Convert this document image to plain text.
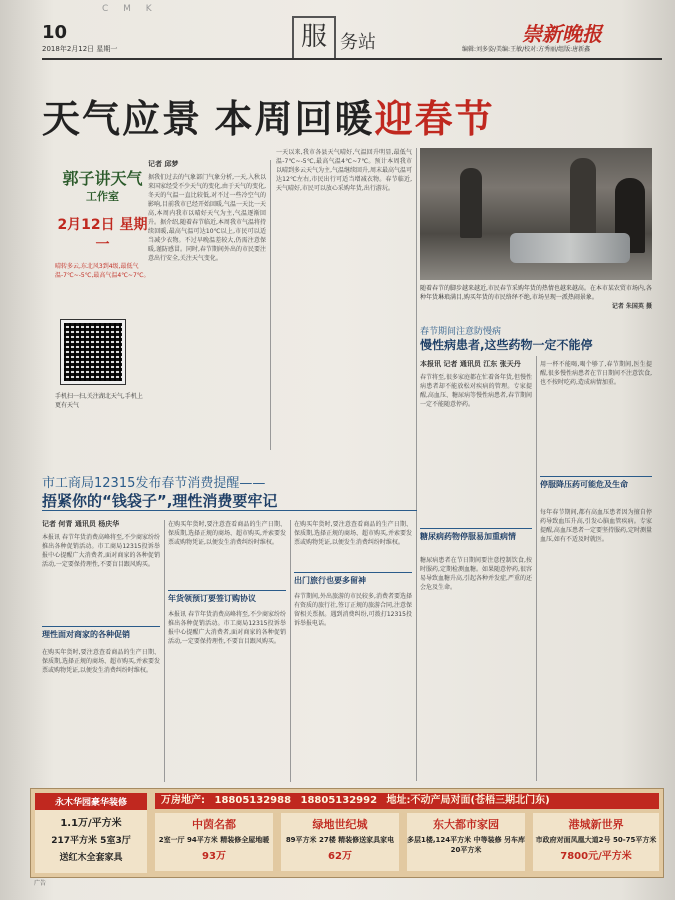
10
C M K
2018年2月12日 星期一	服 务站	崇新晚报
编辑:刘多姿/美编:王敏/校对:方秀丽/组版:唐新鑫
天气应景 本周回暖迎春节
郭子讲天气
工作室
2月12日 星期一
晴转多云,东北风3到4级,最低气温-7℃~-5℃,最高气温4℃~7℃。
手机扫一扫,关注湖北天气,手机上更有天气
记者 邱梦
据我们过去的气象部门气象分析,一天,入秋以来国家经受不少天气的变化,由于天气的变化,冬天的气温一直比较低,对不过一些冷空气的影响,目前我市已经开始回暖,气温一天比一天高,本周内我市以晴好天气为主,气温逐渐回升。据介绍,随着春节临近,本周我市气温将持续回暖,最高气温可达10℃以上,市民可以适当减少衣物。不过早晚温差较大,仍需注意保暖,谨防感冒。同时,春节期间外出的市民要注意出行安全,关注天气变化。
一天以来,我市各县天气晴好,气温回升明显,最低气温-7℃~-5℃,最高气温4℃~7℃。预计本周我市以晴到多云天气为主,气温继续回升,周末最高气温可达12℃左右,市民出行可适当增减衣物。春节临近,天气晴好,市民可以放心采购年货,出行游玩。
随着春节的脚步越来越近,市民春节采购年货的热情也越来越高。在本市某农贸市场内,各种年货琳琅满目,购买年货的市民络绎不绝,市场呈现一派热闹景象。
记者 朱国英 摄
春节期间注意防慢病
慢性病患者,这些药物一定不能停
本报讯 记者 通讯员 江东 张天丹
春节将至,很多家庭都在忙着备年货,但慢性病患者却不能放松对疾病的管理。专家提醒,高血压、糖尿病等慢性病患者,春节期间一定不能随意停药。
用一杯不能喝,喝个够了,春节期间,医生提醒,很多慢性病患者在节日期间不注意饮食,也不按时吃药,造成病情加重。
糖尿病药物停服易加重病情
糖尿病患者在节日期间要注意控制饮食,按时服药,定期检测血糖。如果随意停药,很容易导致血糖升高,引起各种并发症,严重的还会危及生命。
停服降压药可能危及生命
每年春节期间,都有高血压患者因为擅自停药导致血压升高,引发心脑血管疾病。专家提醒,高血压患者一定要坚持服药,定时测量血压,如有不适及时就医。
市工商局12315发布春节消费提醒——
捂紧你的“钱袋子”,理性消费要牢记
记者 何青 通讯员 杨庆华
本报讯 春节年货消费高峰将至,不少商家纷纷推出各种促销活动。市工商局12315投诉举报中心提醒广大消费者,面对商家的各种促销活动,一定要保持理性,不要盲目跟风购买。
理性面对商家的各种促销
在购买年货时,要注意查看商品的生产日期、保质期,选择正规的商场、超市购买,并索要发票或购物凭证,以便发生消费纠纷时维权。
在购买年货时,要注意查看商品的生产日期、保质期,选择正规的商场、超市购买,并索要发票或购物凭证,以便发生消费纠纷时维权。
年货领预订要签订购协议
本报讯 春节年货消费高峰将至,不少商家纷纷推出各种促销活动。市工商局12315投诉举报中心提醒广大消费者,面对商家的各种促销活动,一定要保持理性,不要盲目跟风购买。
在购买年货时,要注意查看商品的生产日期、保质期,选择正规的商场、超市购买,并索要发票或购物凭证,以便发生消费纠纷时维权。
出门旅行也要多留神
春节期间,外出旅游的市民较多,消费者要选择有资质的旅行社,签订正规的旅游合同,注意保留相关票据。遇到消费纠纷,可拨打12315投诉举报电话。
永木华园豪华装修
1.1万/平方米
217平方米 5室3厅
送红木全套家具
万房地产: 18805132988 18805132992 地址:不动产局对面(苍梧三期北门东)
中茵名都
2室一厅 94平方米 精装修全屋地暖
93万
绿地世纪城
89平方米 27楼 精装修送家具家电
62万
东大都市家园
多层1楼,124平方米 中等装修 另车库20平方米
港城新世界
市政府对面凤凰大道2号 50-75平方米
7800元/平方米
广告
